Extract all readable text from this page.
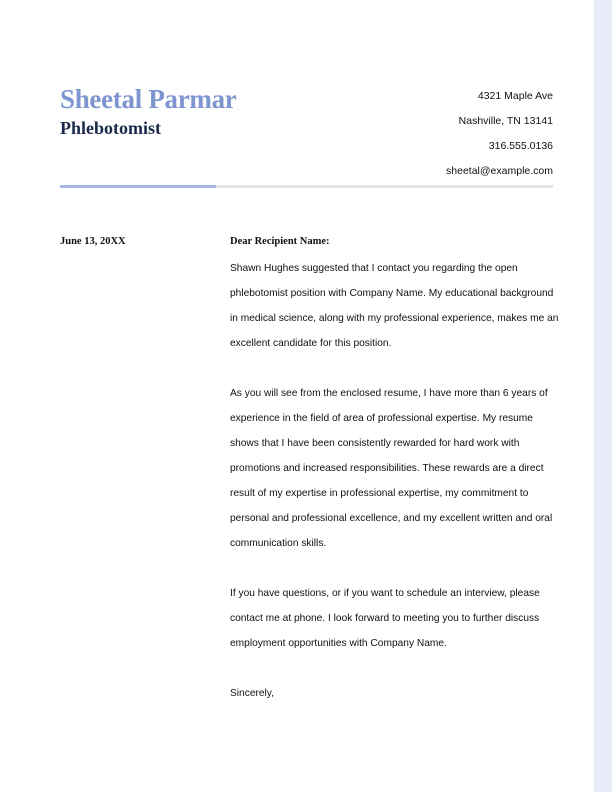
Sheetal Parmar
Phlebotomist
4321 Maple Ave
Nashville, TN 13141
316.555.0136
sheetal@example.com
June 13, 20XX	Dear Recipient Name:
Shawn Hughes suggested that I contact you regarding the open phlebotomist position with Company Name. My educational background in medical science, along with my professional experience, makes me an excellent candidate for this position.
As you will see from the enclosed resume, I have more than 6 years of experience in the field of area of professional expertise. My resume shows that I have been consistently rewarded for hard work with promotions and increased responsibilities. These rewards are a direct result of my expertise in professional expertise, my commitment to personal and professional excellence, and my excellent written and oral communication skills.
If you have questions, or if you want to schedule an interview, please contact me at phone. I look forward to meeting you to further discuss employment opportunities with Company Name.
Sincerely,
